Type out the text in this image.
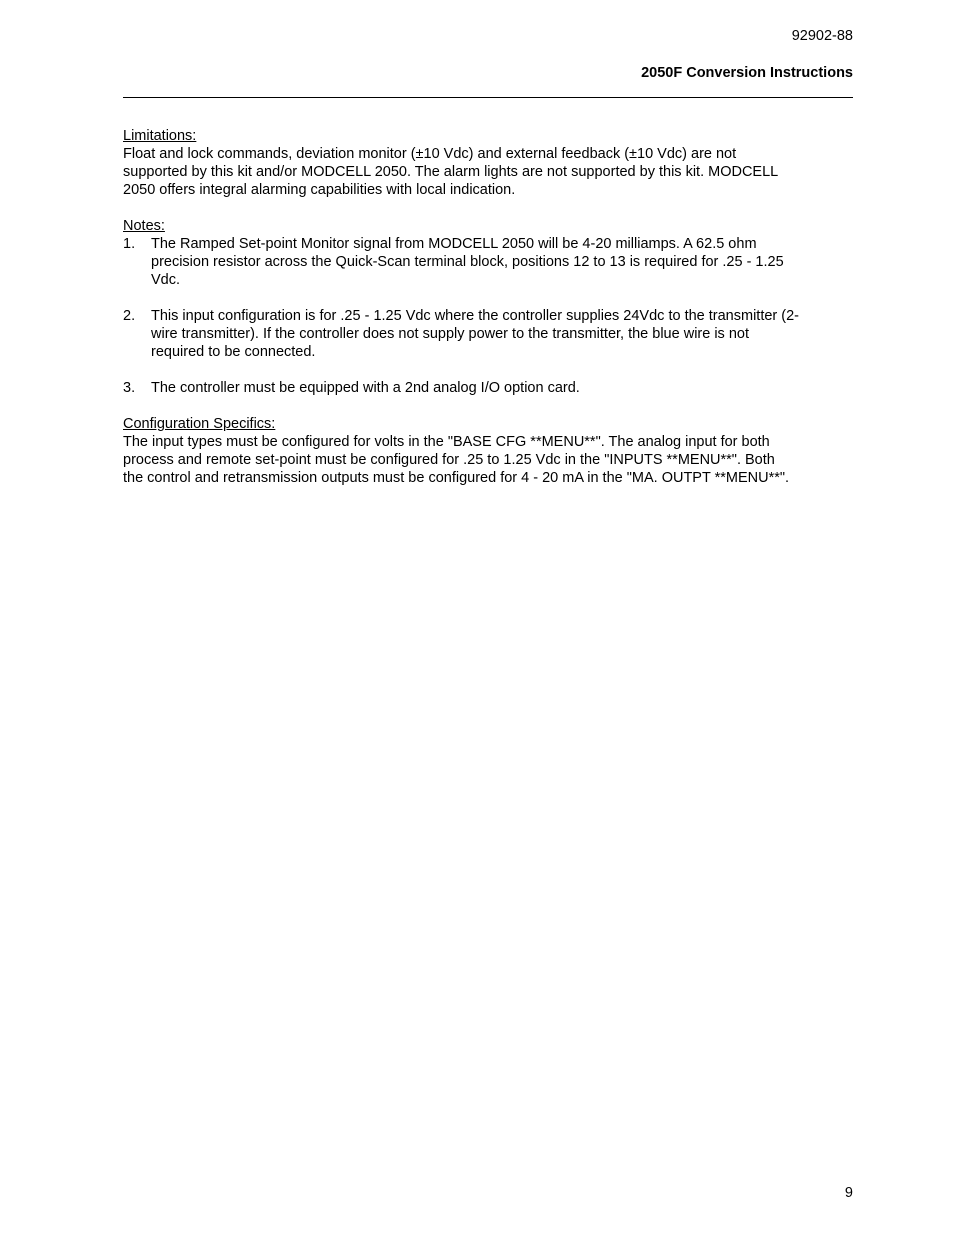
92902-88
2050F Conversion Instructions
Limitations:

Float and lock commands, deviation monitor (±10 Vdc) and external feedback (±10 Vdc) are not
supported by this kit and/or MODCELL 2050. The alarm lights are not supported by this kit. MODCELL
2050 offers integral alarming capabilities with local indication.

Notes:
1.	The Ramped Set-point Monitor signal from MODCELL 2050 will be 4-20 milliamps. A 62.5 ohm
precision resistor across the Quick-Scan terminal block, positions 12 to 13 is required for .25 - 1.25
Vdc.
2.	This input configuration is for .25 - 1.25 Vdc where the controller supplies 24Vdc to the transmitter (2-
wire transmitter). If the controller does not supply power to the transmitter, the blue wire is not
required to be connected.
3.	The controller must be equipped with a 2nd analog I/O option card.
Configuration Specifics:

The input types must be configured for volts in the "BASE CFG **MENU**". The analog input for both
process and remote set-point must be configured for .25 to 1.25 Vdc in the "INPUTS **MENU**". Both
the control and retransmission outputs must be configured for 4 - 20 mA in the "MA. OUTPT **MENU**".

9
